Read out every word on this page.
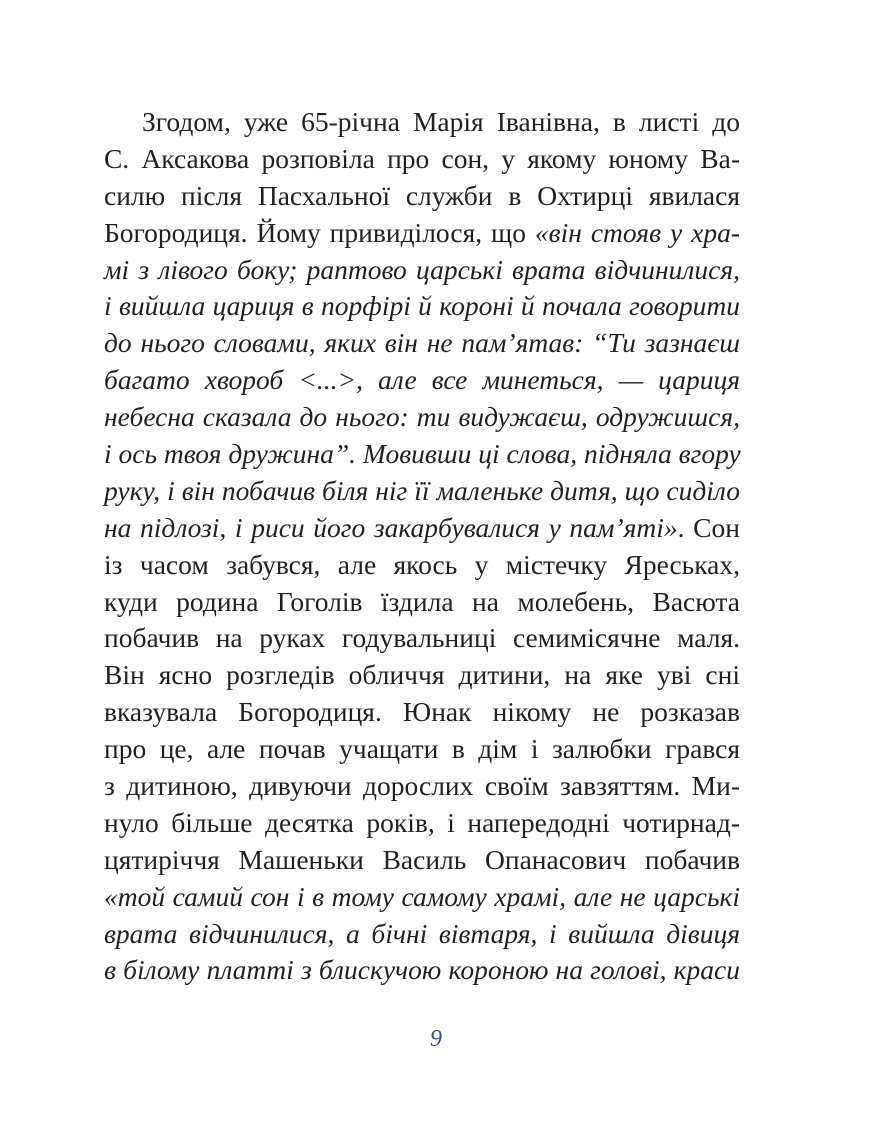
Згодом, уже 65-річна Марія Іванівна, в листі до
С. Аксакова розповіла про сон, у якому юному Ва-
силю після Пасхальної служби в Охтирці явилася
Богородиця. Йому привиділося, що «він стояв у хра-
мі з лівого боку; раптово царські врата відчинилися,
і вийшла цариця в порфірі й короні й почала говорити
до нього словами, яких він не пам’ятав: “Ти зазнаєш
багато хвороб <...>, але все минеться, — цариця
небесна сказала до нього: ти видужаєш, одружишся,
і ось твоя дружина”. Мовивши ці слова, підняла вгору
руку, і він побачив біля ніг її маленьке дитя, що сиділо
на підлозі, і риси його закарбувалися у пам’яті». Сон
із часом забувся, але якось у містечку Яреськах,
куди родина Гоголів їздила на молебень, Васюта
побачив на руках годувальниці семимісячне маля.
Він ясно розгледів обличчя дитини, на яке уві сні
вказувала Богородиця. Юнак нікому не розказав
про це, але почав учащати в дім і залюбки грався
з дитиною, дивуючи дорослих своїм завзяттям. Ми-
нуло більше десятка років, і напередодні чотирнад-
цятиріччя Машеньки Василь Опанасович побачив
«той самий сон і в тому самому храмі, але не царські
врата відчинилися, а бічні вівтаря, і вийшла дівиця
в білому платті з блискучою короною на голові, краси
9
